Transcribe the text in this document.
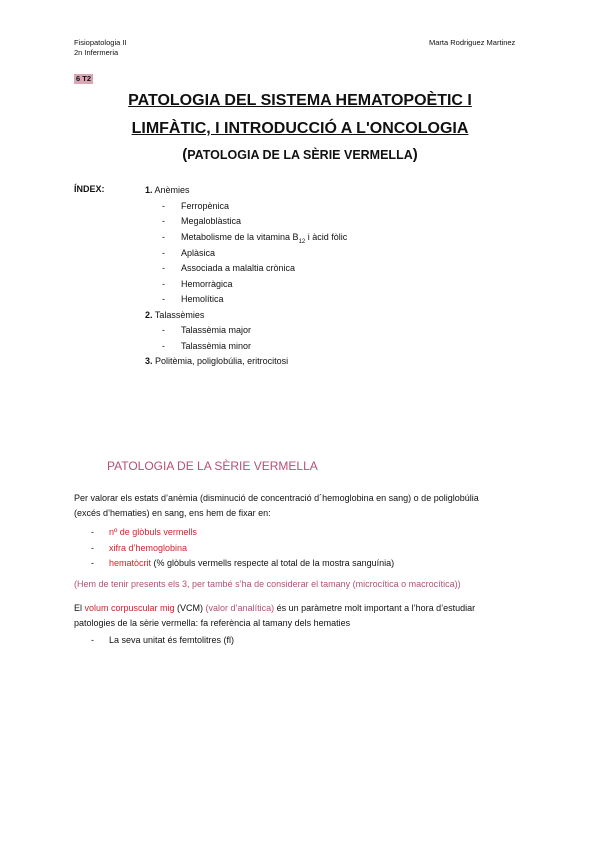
Fisiopatologia II
2n Infermeria
Marta Rodriguez Martinez
6 T2
PATOLOGIA DEL SISTEMA HEMATOPOÈTIC I
LIMFÀTIC, I INTRODUCCIÓ A L'ONCOLOGIA
(PATOLOGIA DE LA SÈRIE VERMELLA)
ÍNDEX:	1. Anèmies
- Ferropènica
- Megaloblàstica
- Metabolisme de la vitamina $B_{12}$ i àcid fòlic
- Aplàsica
- Associada a malaltia crònica
- Hemorràgica
- Hemolítica
2. Talassèmies
- Talassèmia major
- Talassèmia minor
3. Politèmia, poliglobúlia, eritrocitosi
PATOLOGIA DE LA SÈRIE VERMELLA
Per valorar els estats d’anèmia (disminució de concentració d´hemoglobina en sang) o de poliglobúlia
(excés d’hematies) en sang, ens hem de fixar en:
- nº de glòbuls vermells
- xifra d’hemoglobina
- hematòcrit (% glòbuls vermells respecte al total de la mostra sanguínia)
(Hem de tenir presents els 3, per també s’ha de considerar el tamany (microcítica o macrocítica))
El volum corpuscular mig (VCM) (valor d’analítica) és un paràmetre molt important a l’hora d’estudiar
patologies de la sèrie vermella: fa referència al tamany dels hematies
- La seva unitat és femtolitres (fl)
